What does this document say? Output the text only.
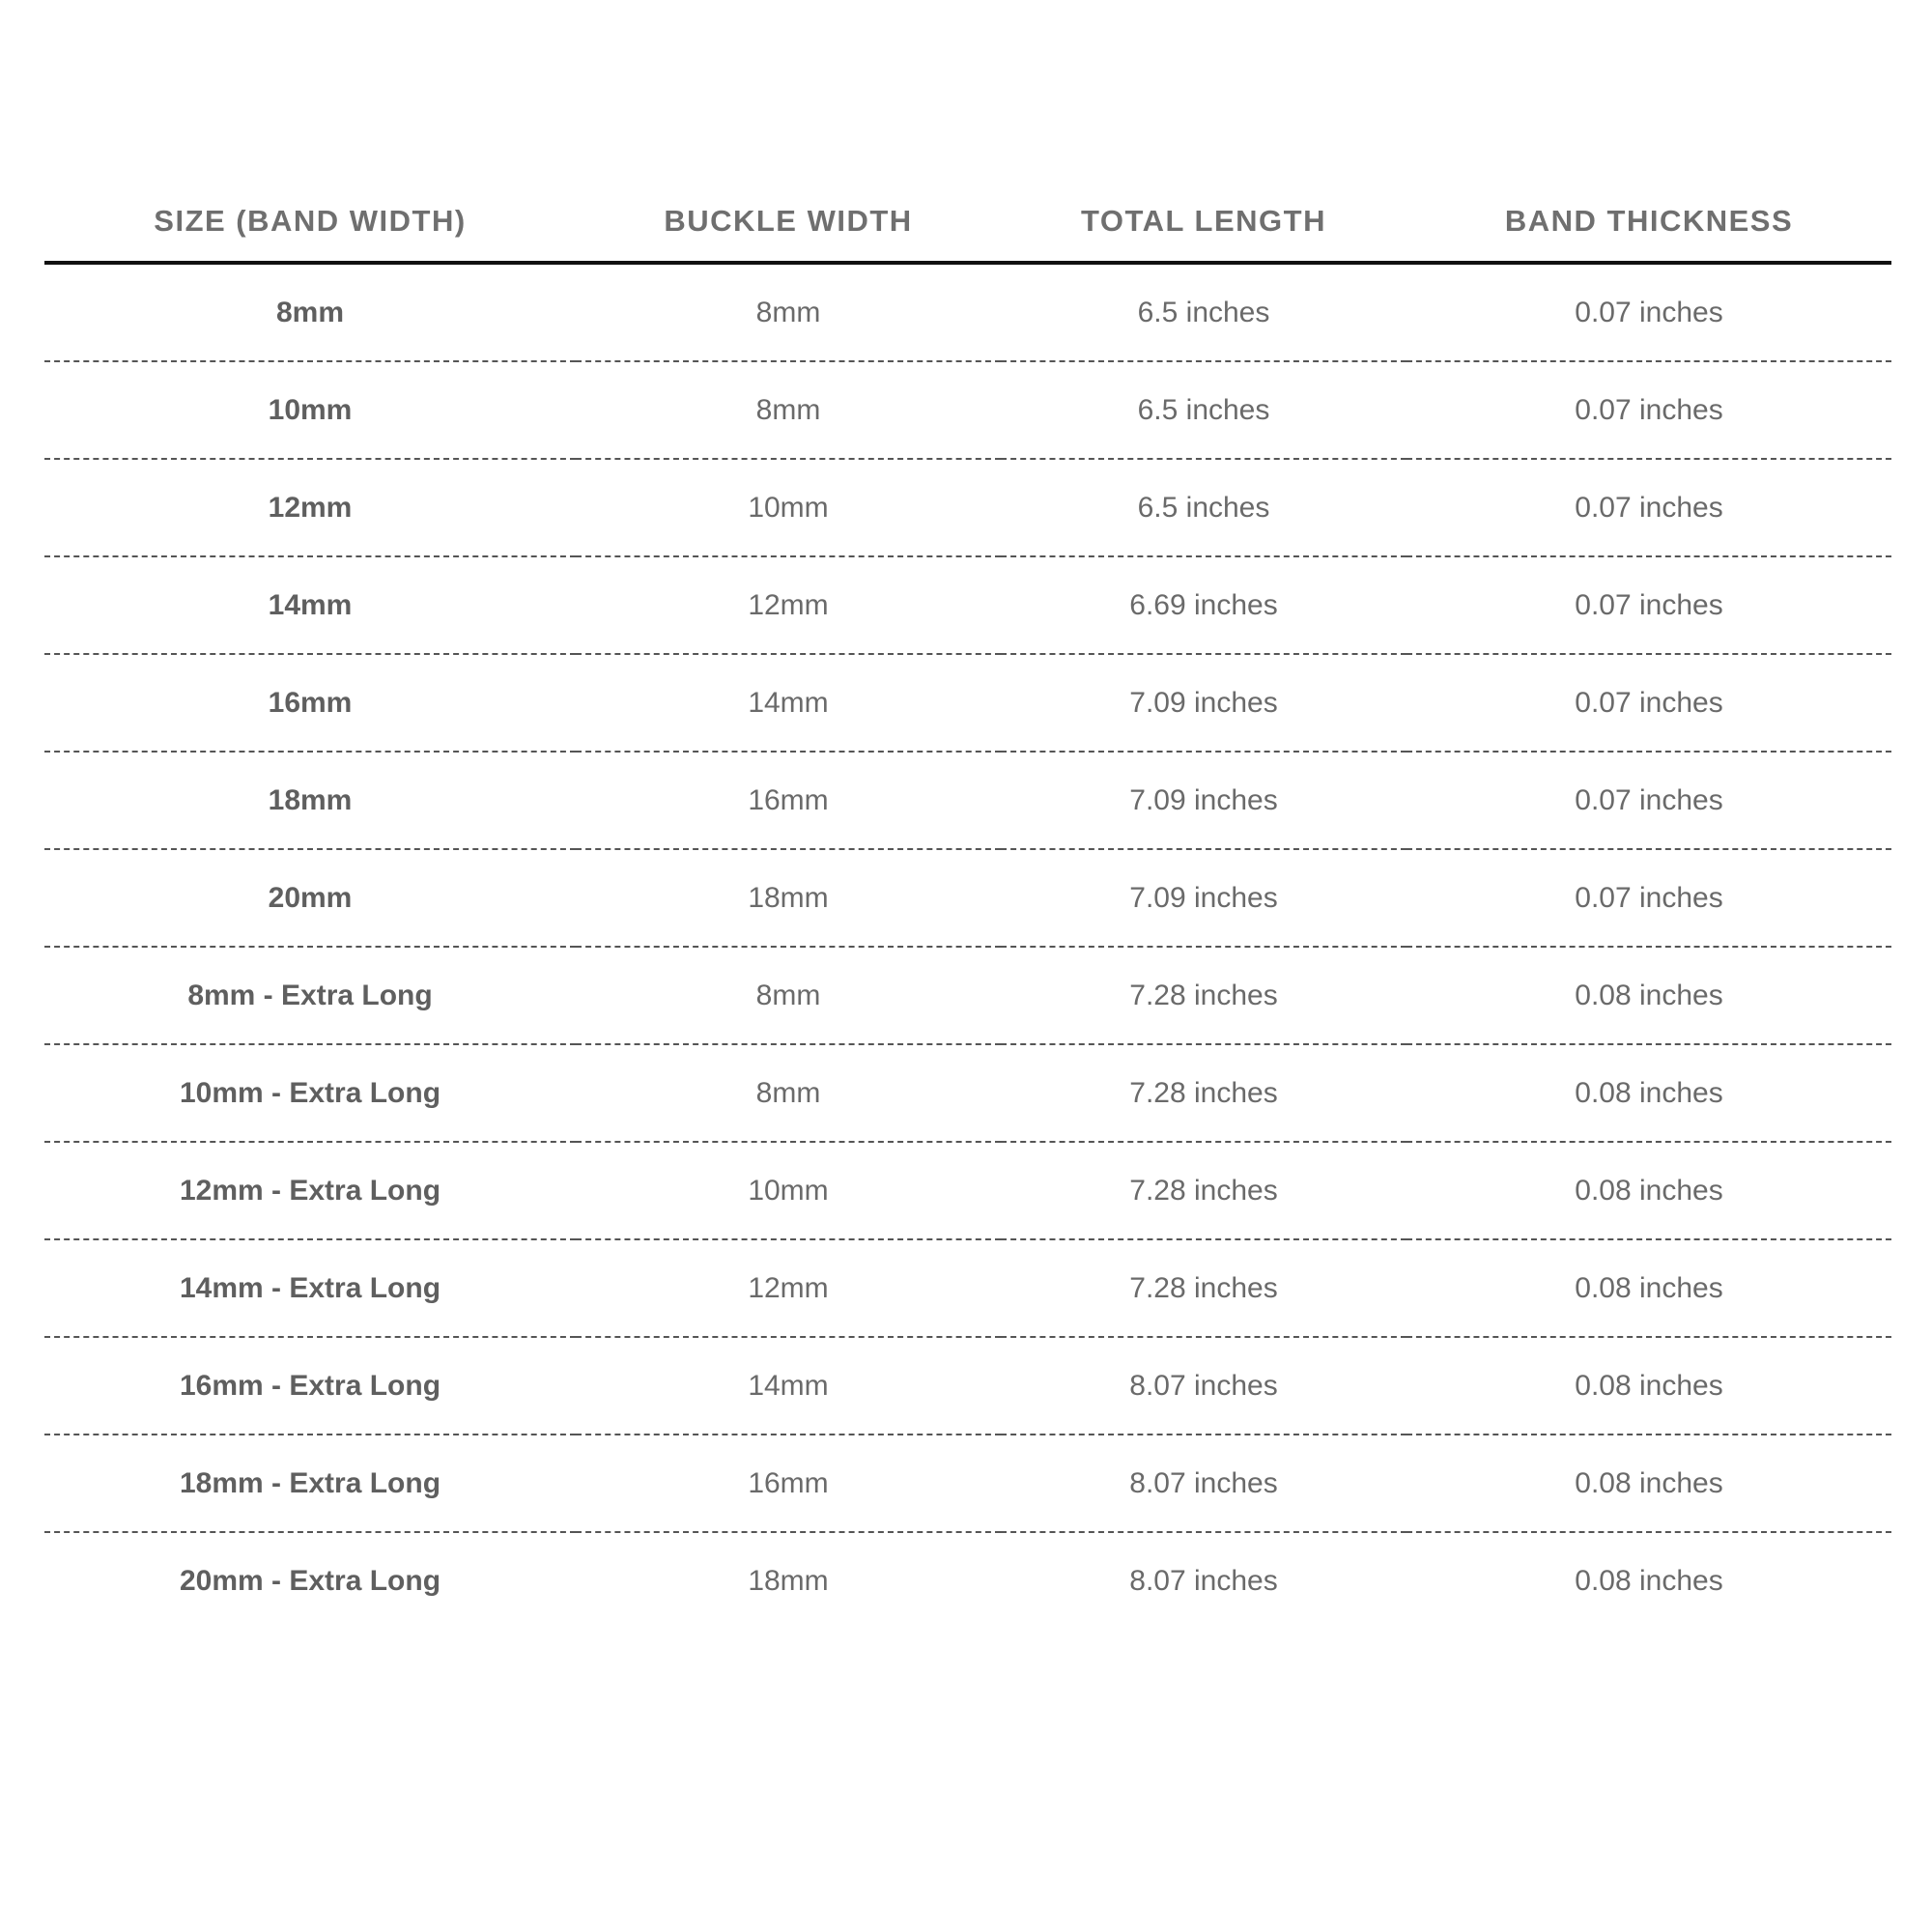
SIZE (BAND WIDTH)	BUCKLE WIDTH	TOTAL LENGTH	BAND THICKNESS
8mm	8mm	6.5 inches	0.07 inches
10mm	8mm	6.5 inches	0.07 inches
12mm	10mm	6.5 inches	0.07 inches
14mm	12mm	6.69 inches	0.07 inches
16mm	14mm	7.09 inches	0.07 inches
18mm	16mm	7.09 inches	0.07 inches
20mm	18mm	7.09 inches	0.07 inches
8mm - Extra Long	8mm	7.28 inches	0.08 inches
10mm - Extra Long	8mm	7.28 inches	0.08 inches
12mm - Extra Long	10mm	7.28 inches	0.08 inches
14mm - Extra Long	12mm	7.28 inches	0.08 inches
16mm - Extra Long	14mm	8.07 inches	0.08 inches
18mm - Extra Long	16mm	8.07 inches	0.08 inches
20mm - Extra Long	18mm	8.07 inches	0.08 inches
